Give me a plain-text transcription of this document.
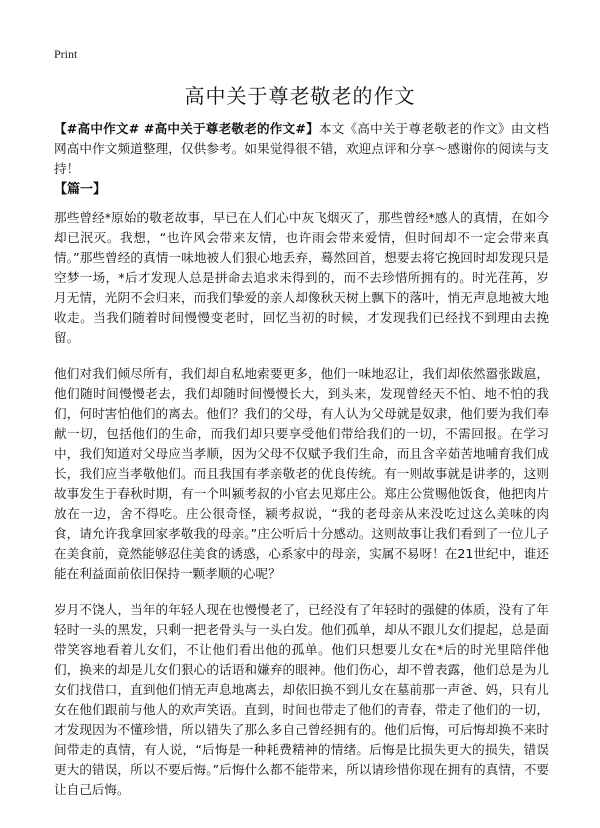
Print
高中关于尊老敬老的作文

【#高中作文# #高中关于尊老敬老的作文#】本文《高中关于尊老敬老的作文》由文档网高中作文频道整理，仅供参考。如果觉得很不错，欢迎点评和分享～感谢你的阅读与支持！

【篇一】

那些曾经*原始的敬老故事，早已在人们心中灰飞烟灭了，那些曾经*感人的真情，在如今却已泯灭。我想，“也许风会带来友情，也许雨会带来爱情，但时间却不一定会带来真情。”那些曾经的真情一味地被人们狠心地丢弃，蓦然回首，想要去将它挽回时却发现只是空梦一场，*后才发现人总是拼命去追求未得到的，而不去珍惜所拥有的。时光荏苒，岁月无情，光阴不会归来，而我们挚爱的亲人却像秋天树上飘下的落叶，悄无声息地被大地收走。当我们随着时间慢慢变老时，回忆当初的时候，才发现我们已经找不到理由去挽留。

他们对我们倾尽所有，我们却自私地索要更多，他们一味地忍让，我们却依然嚣张跋扈，他们随时间慢慢老去，我们却随时间慢慢长大，到头来，发现曾经天不怕、地不怕的我们，何时害怕他们的离去。他们？我们的父母，有人认为父母就是奴隶，他们要为我们奉献一切，包括他们的生命，而我们却只要享受他们带给我们的一切，不需回报。在学习中，我们知道对父母应当孝顺，因为父母不仅赋予我们生命，而且含辛茹苦地哺育我们成长，我们应当孝敬他们。而且我国有孝亲敬老的优良传统。有一则故事就是讲孝的，这则故事发生于春秋时期，有一个叫颍考叔的小官去见郑庄公。郑庄公赏赐他饭食，他把肉片放在一边，舍不得吃。庄公很奇怪，颍考叔说，“我的老母亲从来没吃过这么美味的肉食，请允许我拿回家孝敬我的母亲。”庄公听后十分感动。这则故事让我们看到了一位儿子在美食前，竟然能够忍住美食的诱惑，心系家中的母亲，实属不易呀！在21世纪中，谁还能在利益面前依旧保持一颗孝顺的心呢？

岁月不饶人，当年的年轻人现在也慢慢老了，已经没有了年轻时的强健的体质，没有了年轻时一头的黑发，只剩一把老骨头与一头白发。他们孤单，却从不跟儿女们提起，总是面带笑容地看着儿女们，不让他们看出他的孤单。他们只想要儿女在*后的时光里陪伴他们，换来的却是儿女们狠心的话语和嫌弃的眼神。他们伤心，却不曾表露，他们总是为儿女们找借口，直到他们悄无声息地离去，却依旧换不到儿女在墓前那一声爸、妈，只有儿女在他们跟前与他人的欢声笑语。直到，时间也带走了他们的青春，带走了他们的一切，才发现因为不懂珍惜，所以错失了那么多自己曾经拥有的。他们后悔，可后悔却换不来时间带走的真情，有人说，“后悔是一种耗费精神的情绪。后悔是比损失更大的损失，错误更大的错误，所以不要后悔。”后悔什么都不能带来，所以请珍惜你现在拥有的真情，不要让自己后悔。
